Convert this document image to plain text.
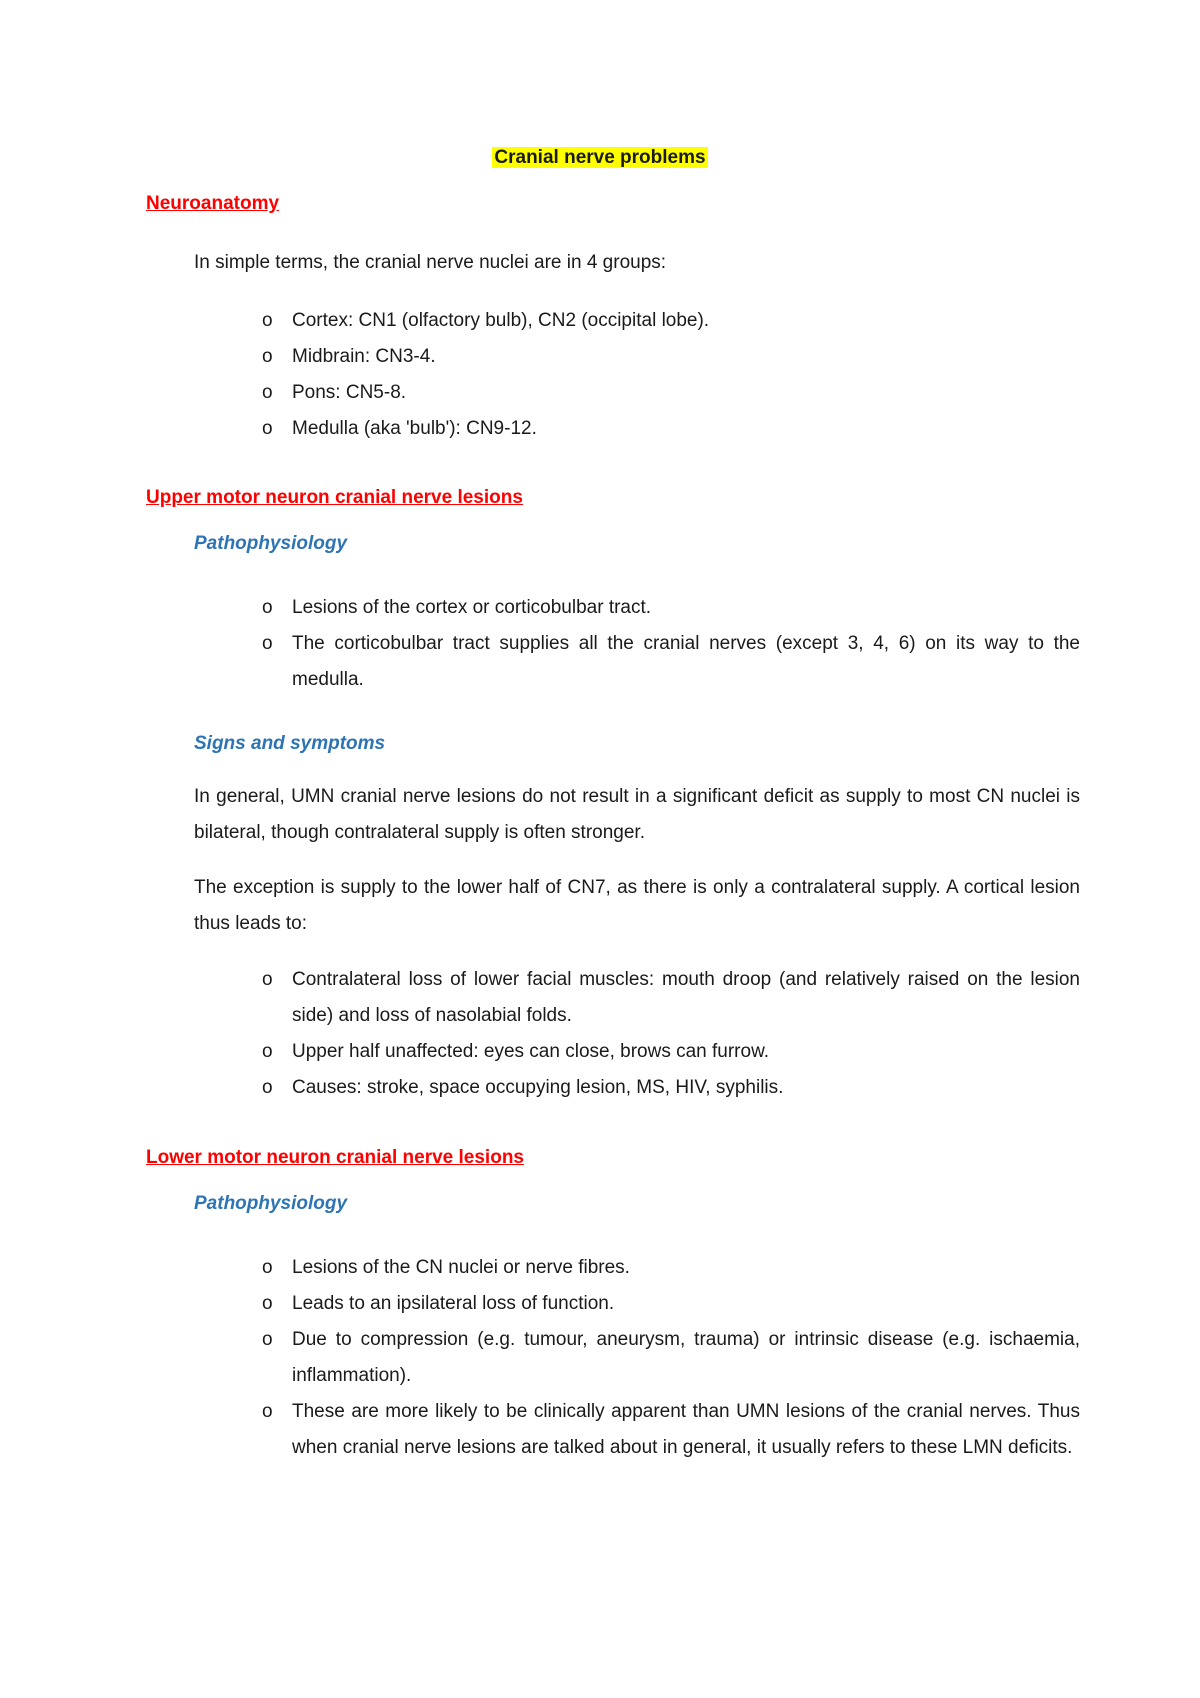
Cranial nerve problems

Neuroanatomy

In simple terms, the cranial nerve nuclei are in 4 groups:

o Cortex: CN1 (olfactory bulb), CN2 (occipital lobe).

o Midbrain: CN3-4.

o Pons: CN5-8.

o Medulla (aka 'bulb'): CN9-12.

Upper motor neuron cranial nerve lesions

Pathophysiology

o Lesions of the cortex or corticobulbar tract.

o The corticobulbar tract supplies all the cranial nerves (except 3, 4, 6) on its way to the medulla.

Signs and symptoms

In general, UMN cranial nerve lesions do not result in a significant deficit as supply to most CN nuclei is bilateral, though contralateral supply is often stronger.

The exception is supply to the lower half of CN7, as there is only a contralateral supply. A cortical lesion thus leads to:

o Contralateral loss of lower facial muscles: mouth droop (and relatively raised on the lesion side) and loss of nasolabial folds.

o Upper half unaffected: eyes can close, brows can furrow.

o Causes: stroke, space occupying lesion, MS, HIV, syphilis.

Lower motor neuron cranial nerve lesions

Pathophysiology

o Lesions of the CN nuclei or nerve fibres.

o Leads to an ipsilateral loss of function.

o Due to compression (e.g. tumour, aneurysm, trauma) or intrinsic disease (e.g. ischaemia, inflammation).

o These are more likely to be clinically apparent than UMN lesions of the cranial nerves. Thus when cranial nerve lesions are talked about in general, it usually refers to these LMN deficits.
